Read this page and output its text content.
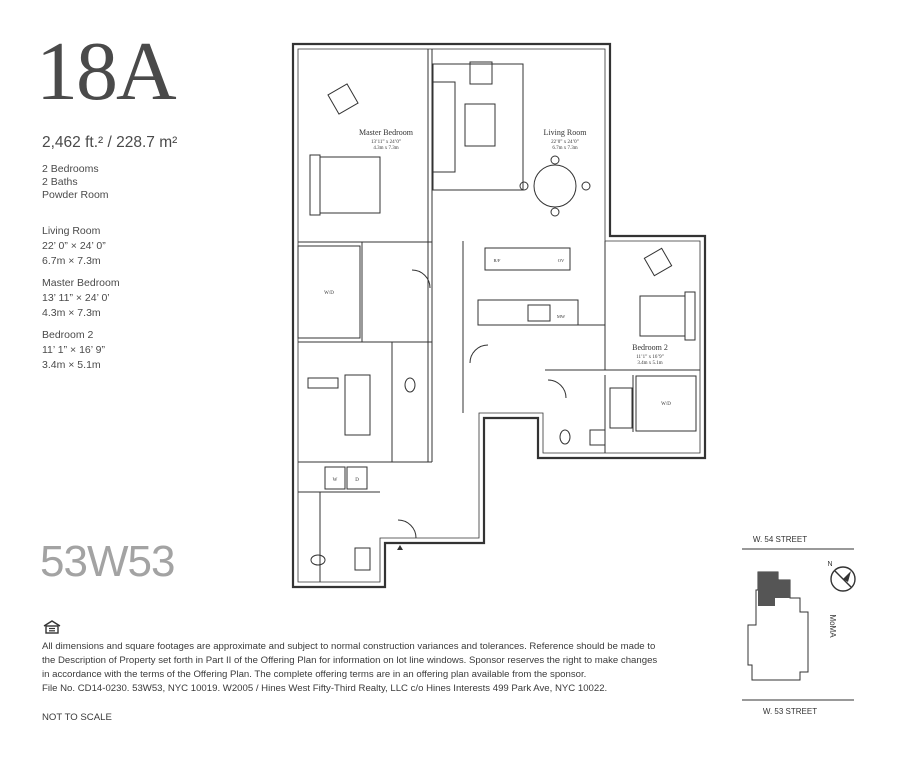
18A
2,462 ft.² / 228.7 m²
2 Bedrooms
2 Baths
Powder Room
Living Room
22’ 0” × 24’ 0”
6.7m × 7.3m
Master Bedroom
13’ 11” × 24’ 0’
4.3m × 7.3m
Bedroom 2
11’ 1” × 16’ 9”
3.4m × 5.1m
53W53

All dimensions and square footages are approximate and subject to normal construction variances and tolerances. Reference should be made to

the Description of Property set forth in Part II of the Offering Plan for information on lot line windows. Sponsor reserves the right to make changes

in accordance with the terms of the Offering Plan. The complete offering terms are in an offering plan available from the sponsor.

File No. CD14-0230. 53W53, NYC 10019. W2005 / Hines West Fifty-Third Realty, LLC c/o Hines Interests 499 Park Ave, NYC 10022.

NOT TO SCALE
Master Bedroom
13’11” x 24’0”
4.3m x 7.3m
Living Room
22’0” x 24’0”
6.7m x 7.3m
Bedroom 2
11’1” x 16’9”
3.4m x 5.1m
W/D
W/D
W	D
R/F	OV
MW
W. 54 STREET
W. 53 STREET
MoMA
N
